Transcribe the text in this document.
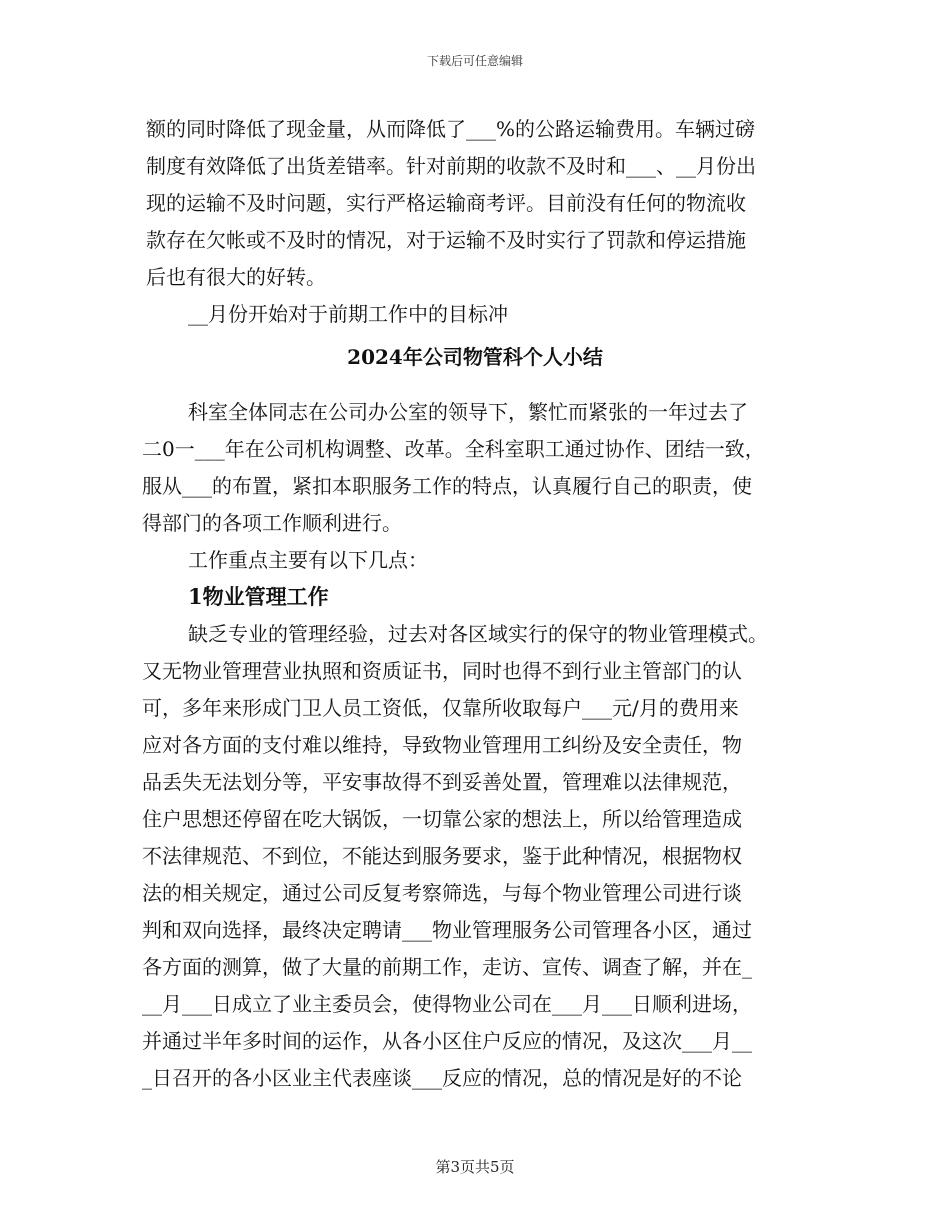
下载后可任意编辑
额的同时降低了现金量，从而降低了___%的公路运输费用。车辆过磅
制度有效降低了出货差错率。针对前期的收款不及时和___、__月份出
现的运输不及时问题，实行严格运输商考评。目前没有任何的物流收
款存在欠帐或不及时的情况，对于运输不及时实行了罚款和停运措施
后也有很大的好转。
__月份开始对于前期工作中的目标冲
2024年公司物管科个人小结
科室全体同志在公司办公室的领导下，繁忙而紧张的一年过去了
二0一___年在公司机构调整、改革。全科室职工通过协作、团结一致，
服从___的布置，紧扣本职服务工作的特点，认真履行自己的职责，使
得部门的各项工作顺利进行。
工作重点主要有以下几点：
1物业管理工作
缺乏专业的管理经验，过去对各区域实行的保守的物业管理模式。
又无物业管理营业执照和资质证书，同时也得不到行业主管部门的认
可，多年来形成门卫人员工资低，仅靠所收取每户___元/月的费用来
应对各方面的支付难以维持，导致物业管理用工纠纷及安全责任，物
品丢失无法划分等，平安事故得不到妥善处置，管理难以法律规范，
住户思想还停留在吃大锅饭，一切靠公家的想法上，所以给管理造成
不法律规范、不到位，不能达到服务要求，鉴于此种情况，根据物权
法的相关规定，通过公司反复考察筛选，与每个物业管理公司进行谈
判和双向选择，最终决定聘请___物业管理服务公司管理各小区，通过
各方面的测算，做了大量的前期工作，走访、宣传、调查了解，并在_
__月___日成立了业主委员会，使得物业公司在___月___日顺利进场，
并通过半年多时间的运作，从各小区住户反应的情况，及这次___月__
_日召开的各小区业主代表座谈___反应的情况，总的情况是好的不论
第3页共5页
